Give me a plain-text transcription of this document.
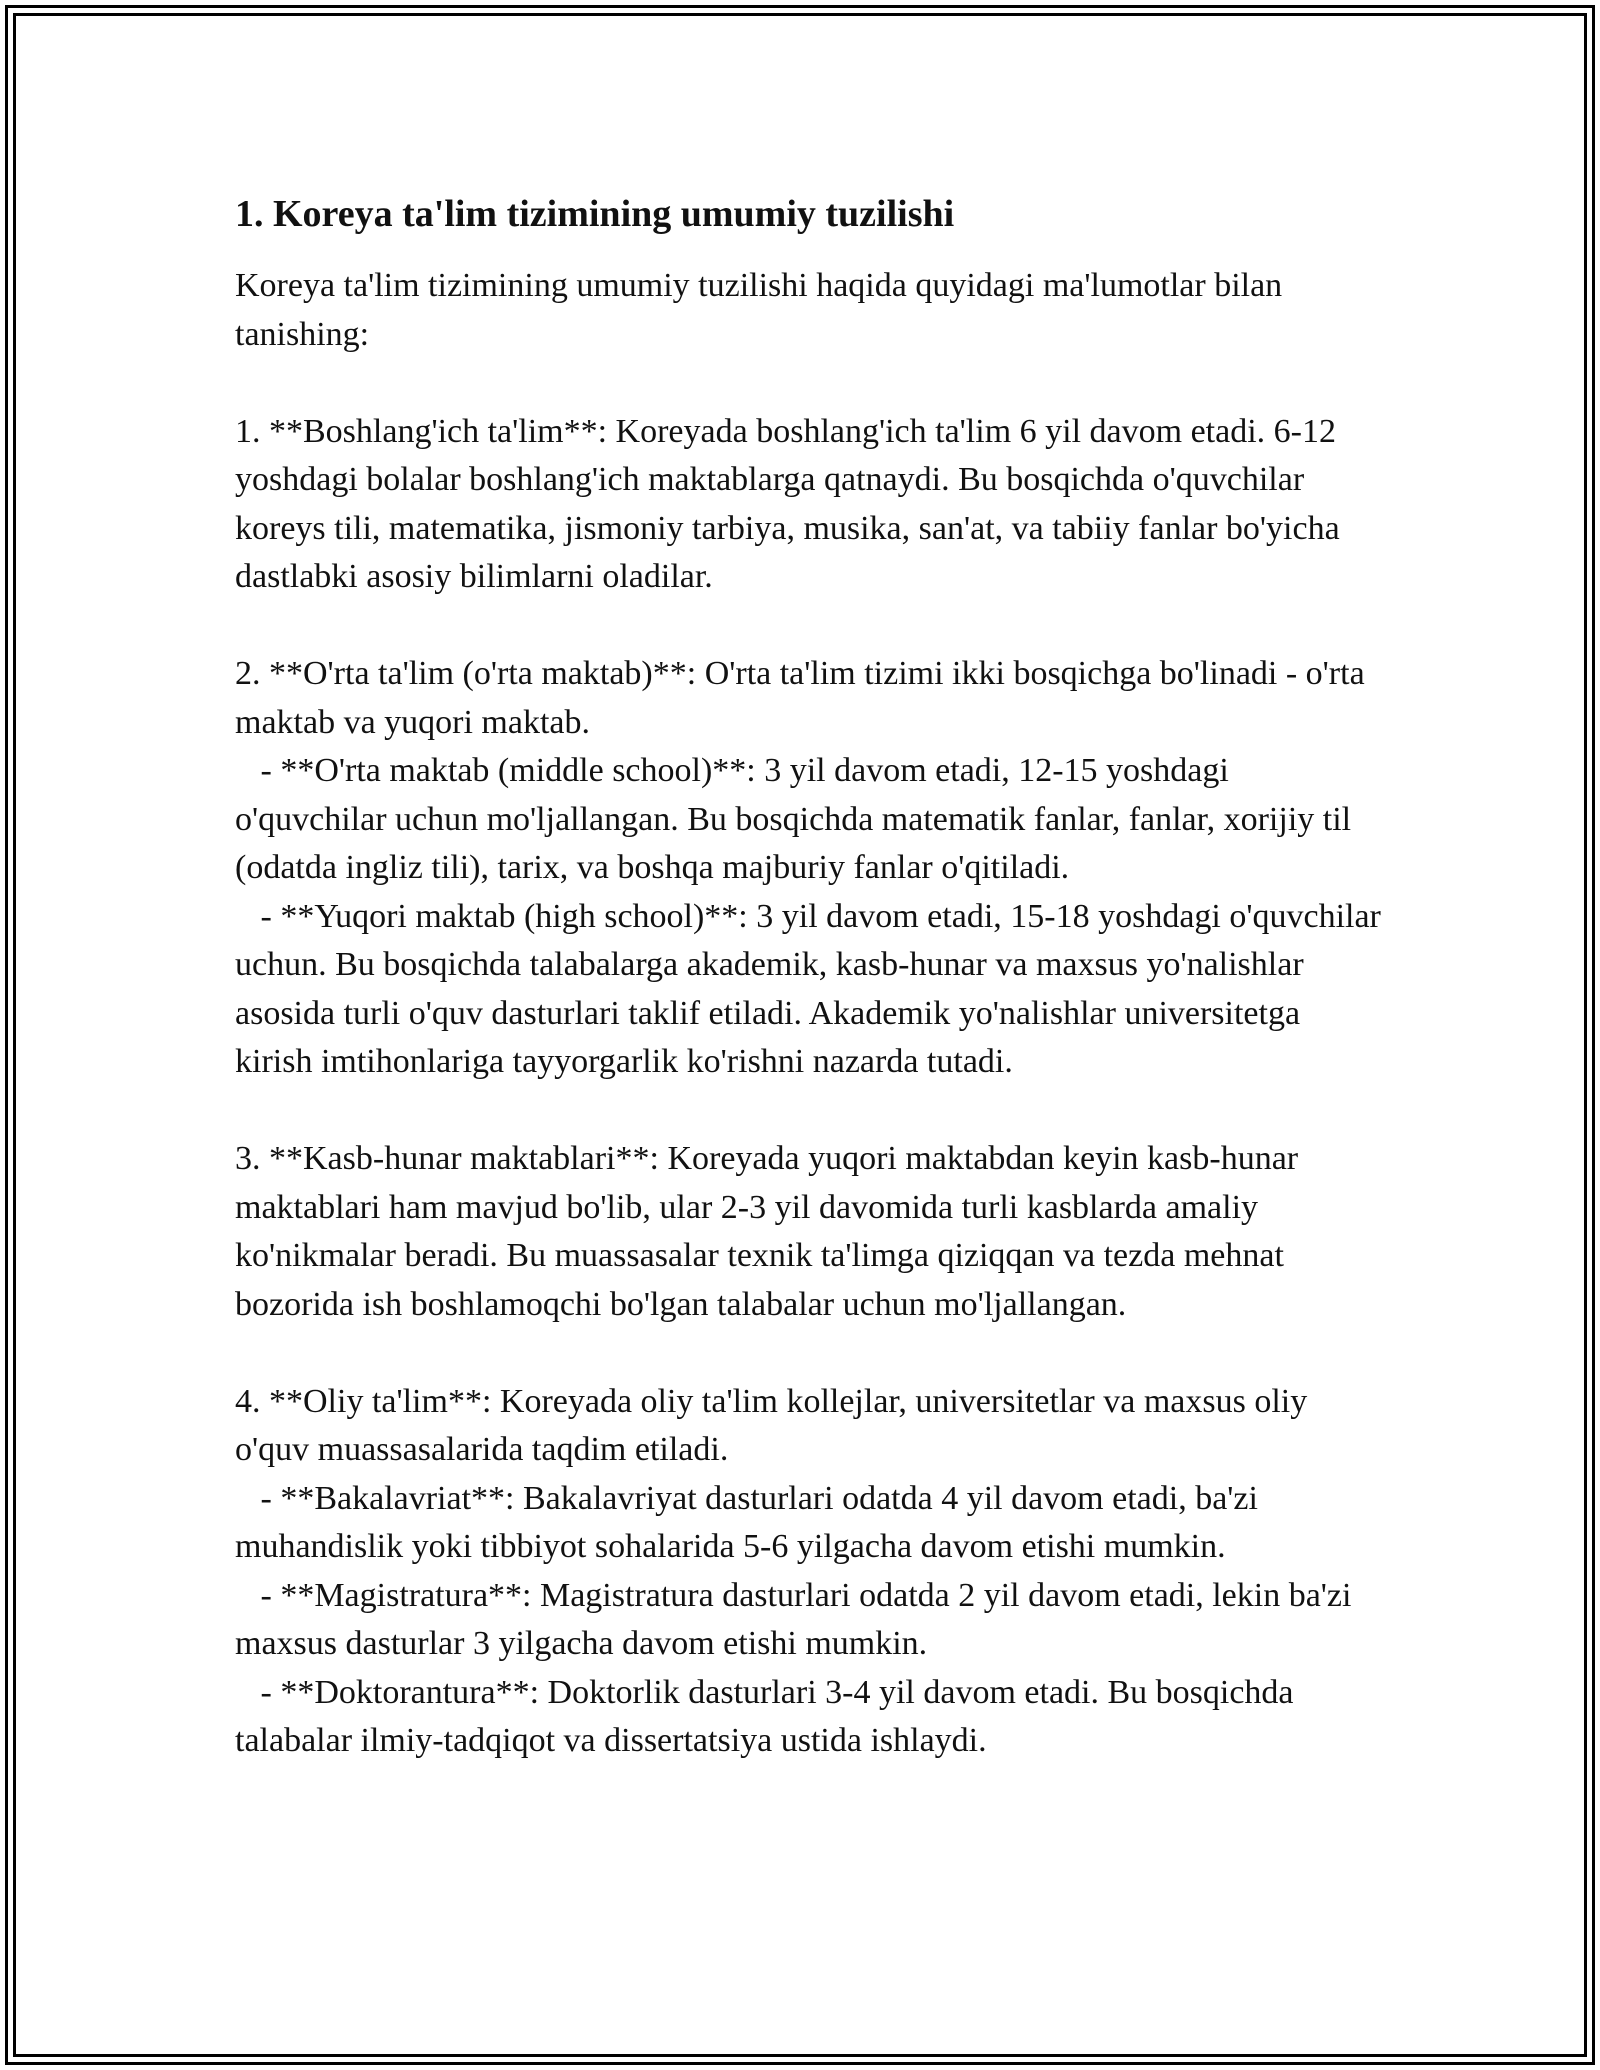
1. Koreya ta'lim tizimining umumiy tuzilishi

Koreya ta'lim tizimining umumiy tuzilishi haqida quyidagi ma'lumotlar bilan tanishing:

1. **Boshlang'ich ta'lim**: Koreyada boshlang'ich ta'lim 6 yil davom etadi. 6-12 yoshdagi bolalar boshlang'ich maktablarga qatnaydi. Bu bosqichda o'quvchilar koreys tili, matematika, jismoniy tarbiya, musika, san'at, va tabiiy fanlar bo'yicha dastlabki asosiy bilimlarni oladilar.
2. **O'rta ta'lim (o'rta maktab)**: O'rta ta'lim tizimi ikki bosqichga bo'linadi - o'rta maktab va yuqori maktab.
- **O'rta maktab (middle school)**: 3 yil davom etadi, 12-15 yoshdagi o'quvchilar uchun mo'ljallangan. Bu bosqichda matematik fanlar, fanlar, xorijiy til (odatda ingliz tili), tarix, va boshqa majburiy fanlar o'qitiladi.
- **Yuqori maktab (high school)**: 3 yil davom etadi, 15-18 yoshdagi o'quvchilar uchun. Bu bosqichda talabalarga akademik, kasb-hunar va maxsus yo'nalishlar asosida turli o'quv dasturlari taklif etiladi. Akademik yo'nalishlar universitetga kirish imtihonlariga tayyorgarlik ko'rishni nazarda tutadi.
3. **Kasb-hunar maktablari**: Koreyada yuqori maktabdan keyin kasb-hunar maktablari ham mavjud bo'lib, ular 2-3 yil davomida turli kasblarda amaliy ko'nikmalar beradi. Bu muassasalar texnik ta'limga qiziqqan va tezda mehnat bozorida ish boshlamoqchi bo'lgan talabalar uchun mo'ljallangan.
4. **Oliy ta'lim**: Koreyada oliy ta'lim kollejlar, universitetlar va maxsus oliy o'quv muassasalarida taqdim etiladi.
- **Bakalavriat**: Bakalavriyat dasturlari odatda 4 yil davom etadi, ba'zi muhandislik yoki tibbiyot sohalarida 5-6 yilgacha davom etishi mumkin.
- **Magistratura**: Magistratura dasturlari odatda 2 yil davom etadi, lekin ba'zi maxsus dasturlar 3 yilgacha davom etishi mumkin.
- **Doktorantura**: Doktorlik dasturlari 3-4 yil davom etadi. Bu bosqichda talabalar ilmiy-tadqiqot va dissertatsiya ustida ishlaydi.
